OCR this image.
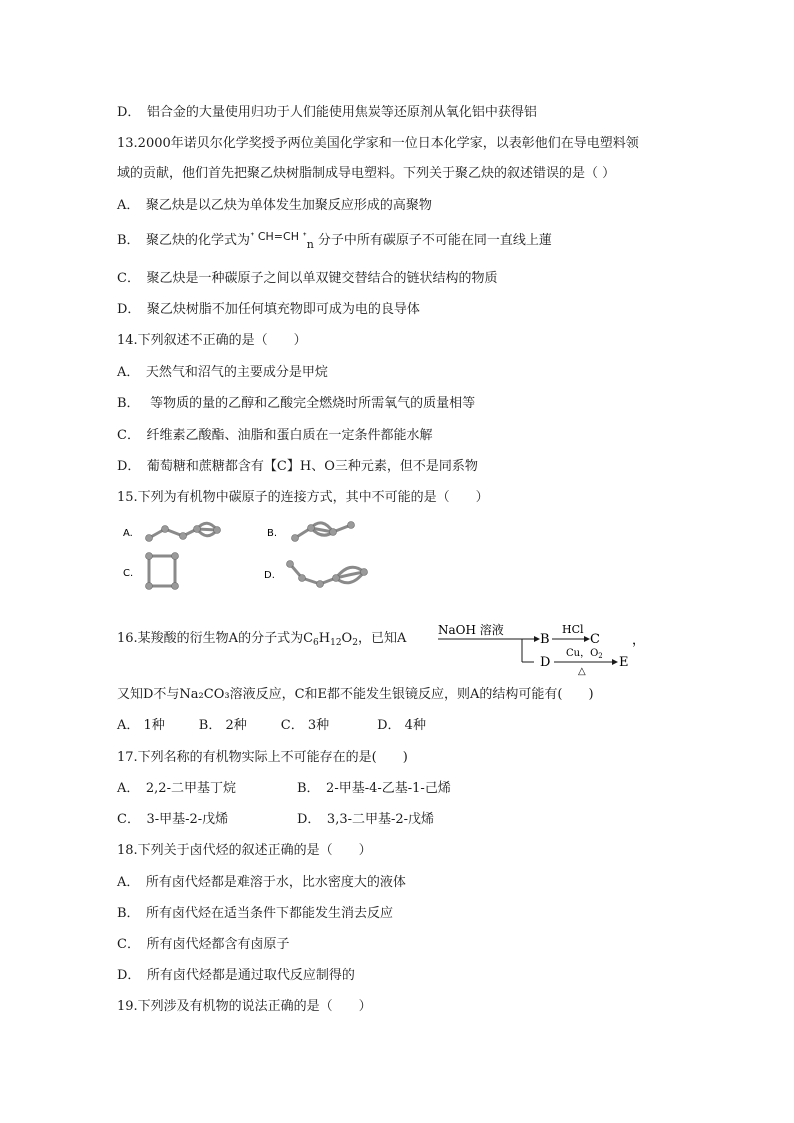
D．　铝合金的大量使用归功于人们能使用焦炭等还原剂从氧化铝中获得铝
13.2000年诺贝尔化学奖授予两位美国化学家和一位日本化学家，以表彰他们在导电塑料领
域的贡献，他们首先把聚乙炔树脂制成导电塑料。下列关于聚乙炔的叙述错误的是（ ）
A．　聚乙炔是以乙炔为单体发生加聚反应形成的高聚物
B．　聚乙炔的化学式为$^{ᐩ CH=CH ᐩ}_n$ 分子中所有碳原子不可能在同一直线上蓮
C．　聚乙炔是一种碳原子之间以单双键交替结合的链状结构的物质
D．　聚乙炔树脂不加任何填充物即可成为电的良导体
14.下列叙述不正确的是（　　）
A．　天然气和沼气的主要成分是甲烷
B．　 等物质的量的乙醇和乙酸完全燃烧时所需氧气的质量相等
C．　纤维素乙酸酯、油脂和蛋白质在一定条件都能水解
D．　葡萄糖和蔗糖都含有【C】H、O三种元素，但不是同系物
15.下列为有机物中碳原子的连接方式，其中不可能的是（　　）
A.	B.
C.	D.
16.某羧酸的衍生物A的分子式为$C_6H_{12}O_2$，已知A
NaOH 溶液
B
HCl
C
D
Cu，$O_2$
△
E
，
又知D不与Na₂CO₃溶液反应，C和E都不能发生银镜反应，则A的结构可能有(　　)
A． 1种	B． 2种	C． 3种	D． 4种
17.下列名称的有机物实际上不可能存在的是(　　)
A．　2,2-二甲基丁烷	B．　2-甲基-4-乙基-1-己烯
C．　3-甲基-2-戊烯	D．　3,3-二甲基-2-戊烯
18.下列关于卤代烃的叙述正确的是（　　）
A．　所有卤代烃都是难溶于水，比水密度大的液体
B．　所有卤代烃在适当条件下都能发生消去反应
C．　所有卤代烃都含有卤原子
D．　所有卤代烃都是通过取代反应制得的
19.下列涉及有机物的说法正确的是（　　）
